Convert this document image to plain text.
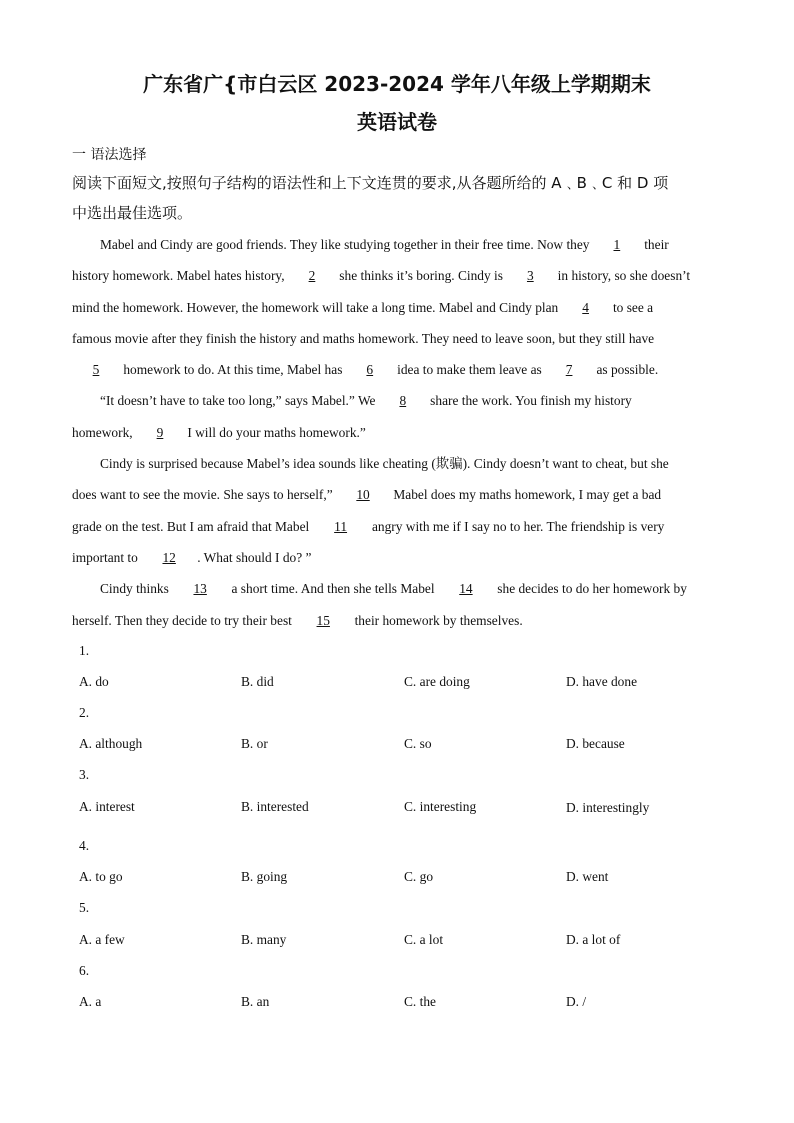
广东省广{市白云区 2023-2024 学年八年级上学期期末
英语试卷
一 语法选择
阅读下面短文,按照句子结构的语法性和上下文连贯的要求,从各题所给的 A﹑B﹑C 和 D 项
中选出最佳选项。
Mabel and Cindy are good friends. They like studying together in their free time. Now they 1 their
history homework. Mabel hates history, 2 she thinks it’s boring. Cindy is 3 in history, so she doesn’t
mind the homework. However, the homework will take a long time. Mabel and Cindy plan 4 to see a
famous movie after they finish the history and maths homework. They need to leave soon, but they still have
5 homework to do. At this time, Mabel has 6 idea to make them leave as 7 as possible.
“It doesn’t have to take too long,” says Mabel.” We 8 share the work. You finish my history
homework, 9 I will do your maths homework.”
Cindy is surprised because Mabel’s idea sounds like cheating (欺骗). Cindy doesn’t want to cheat, but she
does want to see the movie. She says to herself,” 10 Mabel does my maths homework, I may get a bad
grade on the test. But I am afraid that Mabel 11 angry with me if I say no to her. The friendship is very
important to 12 . What should I do? ”
Cindy thinks 13 a short time. And then she tells Mabel 14 she decides to do her homework by
herself. Then they decide to try their best 15 their homework by themselves.
1.
A. do	B. did	C. are doing	D. have done
2.
A. although	B. or	C. so	D. because
3.
A. interest	B. interested	C. interesting	D. interestingly
4.
A. to go	B. going	C. go	D. went
5.
A. a few	B. many	C. a lot	D. a lot of
6.
A. a	B. an	C. the	D. /
